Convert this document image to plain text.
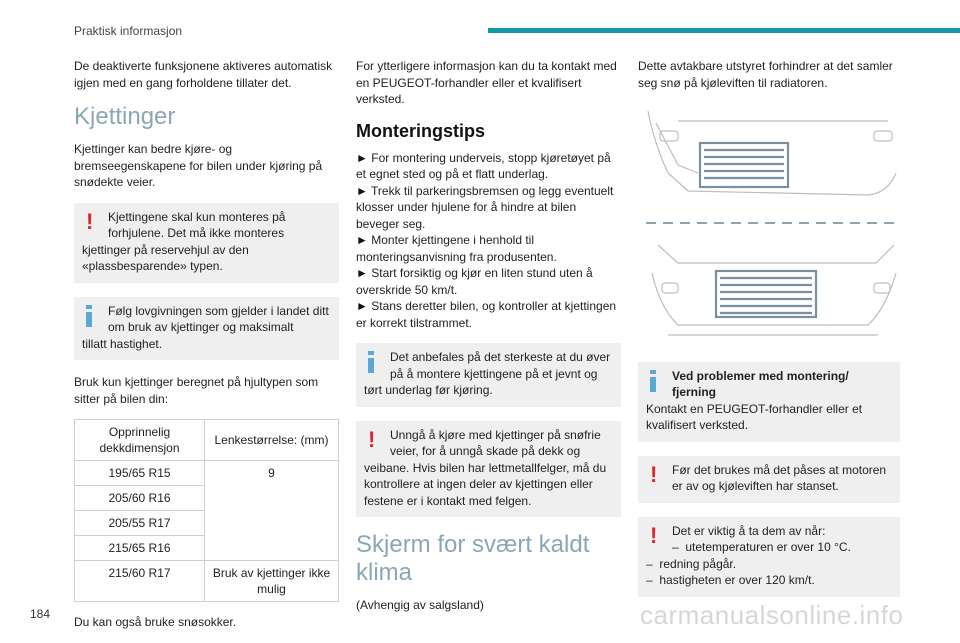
Praktisk informasjon

De deaktiverte funksjonene aktiveres automatisk igjen med en gang forholdene tillater det.

Kjettinger

Kjettinger kan bedre kjøre- og bremseegenskapene for bilen under kjøring på snødekte veier.

! Kjettingene skal kun monteres på forhjulene. Det må ikke monteres
kjettinger på reservehjul av den «plassbesparende» typen.
Følg lovgivningen som gjelder i landet ditt om bruk av kjettinger og maksimalt
tillatt hastighet.

Bruk kun kjettinger beregnet på hjultypen som sitter på bilen din:

Opprinnelig dekkdimensjon	Lenkestørrelse: (mm)
195/65 R15	9
205/60 R16	
205/55 R17	
215/65 R16	
215/60 R17	Bruk av kjettinger ikke mulig

Du kan også bruke snøsokker.

For ytterligere informasjon kan du ta kontakt med en PEUGEOT-forhandler eller et kvalifisert verksted.

Monteringstips

► For montering underveis, stopp kjøretøyet på et egnet sted og på et flatt underlag.

► Trekk til parkeringsbremsen og legg eventuelt klosser under hjulene for å hindre at bilen beveger seg.

► Monter kjettingene i henhold til monteringsanvisning fra produsenten.

► Start forsiktig og kjør en liten stund uten å overskride 50 km/t.

► Stans deretter bilen, og kontroller at kjettingen er korrekt tilstrammet.

Det anbefales på det sterkeste at du øver på å montere kjettingene på et jevnt og
tørt underlag før kjøring.
! Unngå å kjøre med kjettinger på snøfrie veier, for å unngå skade på dekk og
veibane. Hvis bilen har lettmetallfelger, må du kontrollere at ingen deler av kjettingen eller festene er i kontakt med felgen.
Skjerm for svært kaldt klima

(Avhengig av salgsland)

Dette avtakbare utstyret forhindrer at det samler seg snø på kjøleviften til radiatoren.

Ved problemer med montering/ fjerning
Kontakt en PEUGEOT-forhandler eller et kvalifisert verksted.
! Før det brukes må det påses at motoren
er av og kjøleviften har stanset.
! Det er viktig å ta dem av når:
– utetemperaturen er over 10 °C.
– redning pågår.
– hastigheten er over 120 km/t.
184	carmanualsonline.info
